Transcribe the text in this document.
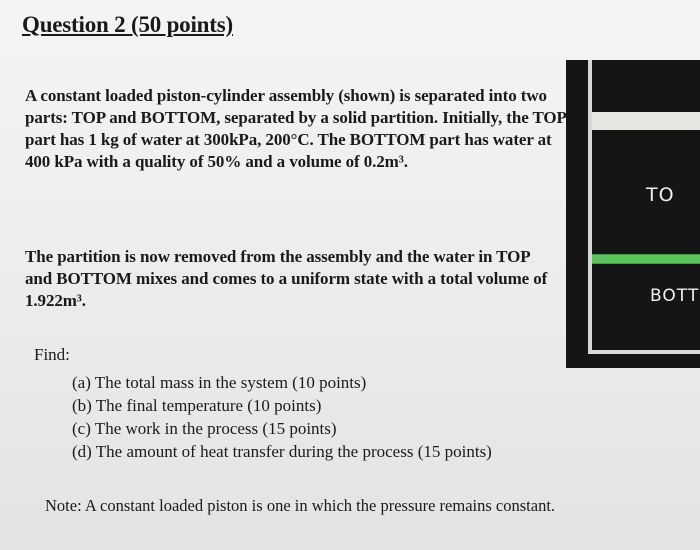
Question 2 (50 points)

A constant loaded piston-cylinder assembly (shown) is separated into two parts: TOP and BOTTOM, separated by a solid partition. Initially, the TOP part has 1 kg of water at 300kPa, 200°C. The BOTTOM part has water at 400 kPa with a quality of 50% and a volume of 0.2m³.

The partition is now removed from the assembly and the water in TOP and BOTTOM mixes and comes to a uniform state with a total volume of 1.922m³.

Find:
(a) The total mass in the system (10 points)
(b) The final temperature (10 points)
(c) The work in the process (15 points)
(d) The amount of heat transfer during the process (15 points)
Note: A constant loaded piston is one in which the pressure remains constant.
TO
BOTT
